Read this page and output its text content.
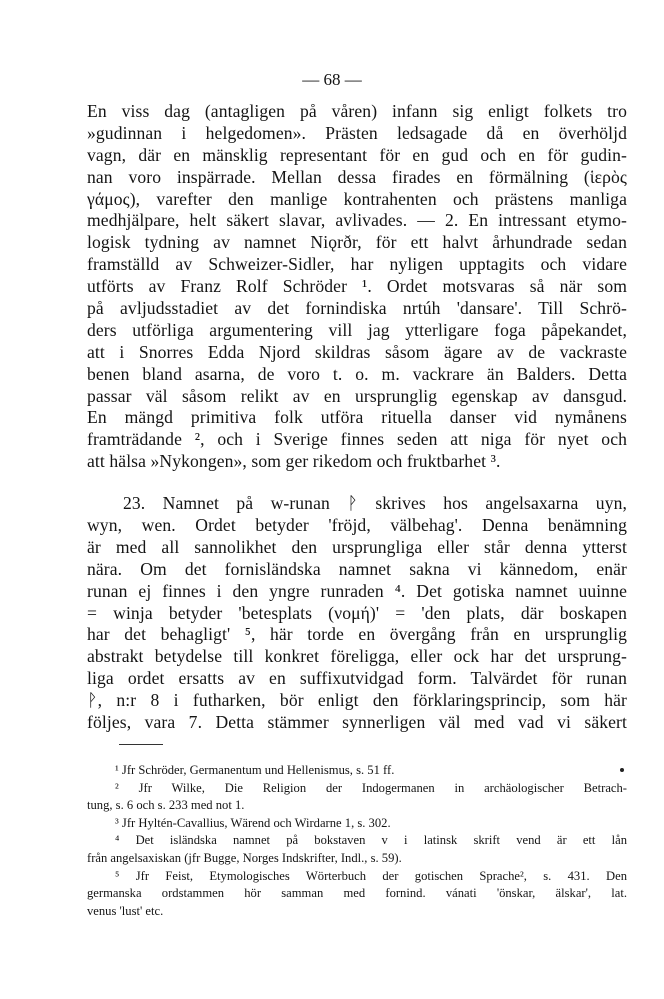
— 68 —
En viss dag (antagligen på våren) infann sig enligt folkets tro
»gudinnan i helgedomen». Prästen ledsagade då en överhöljd
vagn, där en mänsklig representant för en gud och en för gudin-
nan voro inspärrade. Mellan dessa firades en förmälning (ἱερὸς
γάμος), varefter den manlige kontrahenten och prästens manliga
medhjälpare, helt säkert slavar, avlivades. — 2. En intressant etymo-
logisk tydning av namnet Niǫrðr, för ett halvt århundrade sedan
framställd av Schweizer-Sidler, har nyligen upptagits och vidare
utförts av Franz Rolf Schröder ¹. Ordet motsvaras så när som
på avljudsstadiet av det fornindiska nrtúh 'dansare'. Till Schrö-
ders utförliga argumentering vill jag ytterligare foga påpekandet,
att i Snorres Edda Njord skildras såsom ägare av de vackraste
benen bland asarna, de voro t. o. m. vackrare än Balders. Detta
passar väl såsom relikt av en ursprunglig egenskap av dansgud.
En mängd primitiva folk utföra rituella danser vid nymånens
framträdande ², och i Sverige finnes seden att niga för nyet och
att hälsa »Nykongen», som ger rikedom och fruktbarhet ³.
23. Namnet på w-runan ᚹ skrives hos angelsaxarna uyn,
wyn, wen. Ordet betyder 'fröjd, välbehag'. Denna benämning
är med all sannolikhet den ursprungliga eller står denna ytterst
nära. Om det fornisländska namnet sakna vi kännedom, enär
runan ej finnes i den yngre runraden ⁴. Det gotiska namnet uuinne
= winja betyder 'betesplats (νομή)' = 'den plats, där boskapen
har det behagligt' ⁵, här torde en övergång från en ursprunglig
abstrakt betydelse till konkret föreligga, eller ock har det ursprung-
liga ordet ersatts av en suffixutvidgad form. Talvärdet för runan
ᚹ, n:r 8 i futharken, bör enligt den förklaringsprincip, som här
följes, vara 7. Detta stämmer synnerligen väl med vad vi säkert
¹ Jfr Schröder, Germanentum und Hellenismus, s. 51 ff.
² Jfr Wilke, Die Religion der Indogermanen in archäologischer Betrach-
tung, s. 6 och s. 233 med not 1.
³ Jfr Hyltén-Cavallius, Wärend och Wirdarne 1, s. 302.
⁴ Det isländska namnet på bokstaven v i latinsk skrift vend är ett lån
från angelsaxiskan (jfr Bugge, Norges Indskrifter, Indl., s. 59).
⁵ Jfr Feist, Etymologisches Wörterbuch der gotischen Sprache², s. 431. Den
germanska ordstammen hör samman med fornind. vánati 'önskar, älskar', lat.
venus 'lust' etc.
